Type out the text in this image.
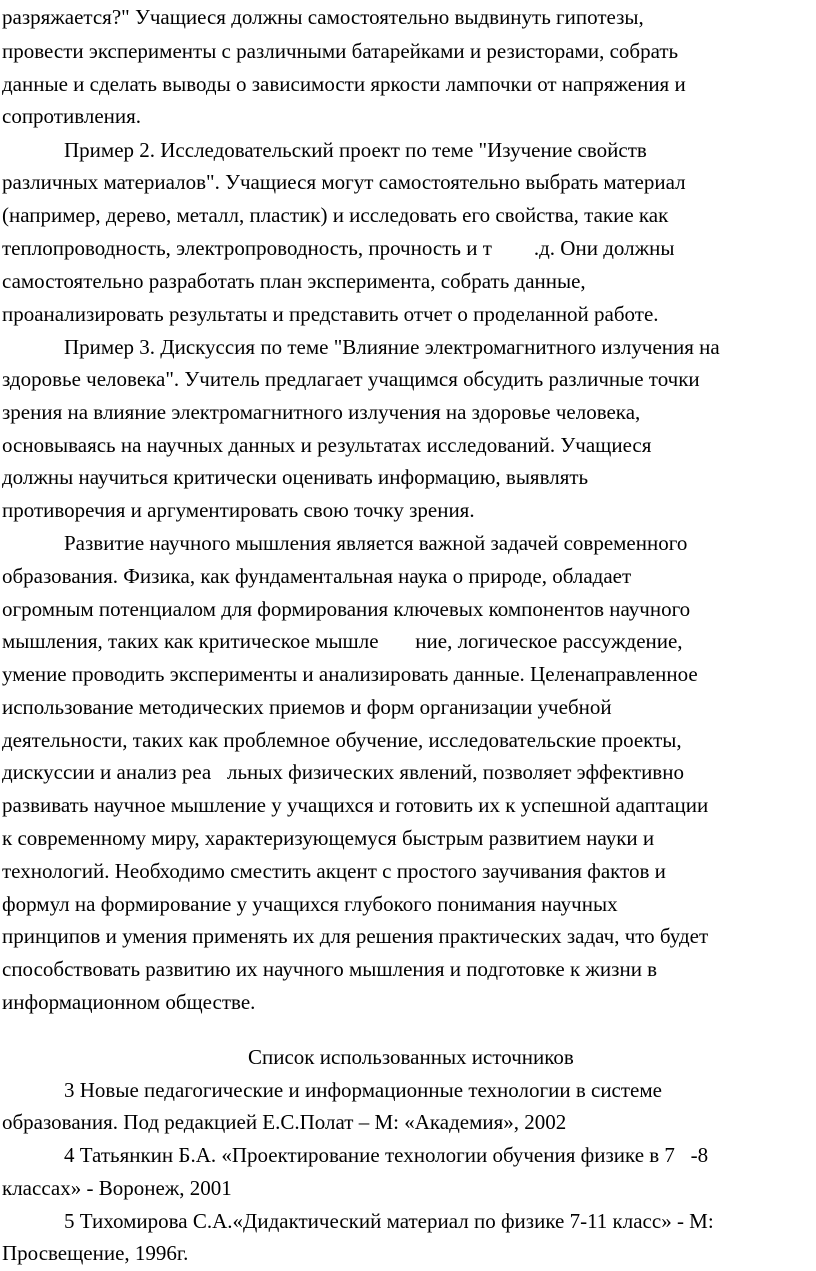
разряжается?" Учащиеся должны самостоятельно выдвинуть гипотезы,
провести эксперименты с различными батарейками и резисторами, собрать
данные и сделать выводы о зависимости яркости лампочки от напряжения и
сопротивления.
Пример 2. Исследовательский проект по теме "Изучение свойств
различных материалов". Учащиеся могут самостоятельно выбрать материал
(например, дерево, металл, пластик) и исследовать его свойства, такие как
теплопроводность, электропроводность, прочность и т        .д. Они должны
самостоятельно разработать план эксперимента, собрать данные,
проанализировать результаты и представить отчет о проделанной работе.
Пример 3. Дискуссия по теме "Влияние электромагнитного излучения на
здоровье человека". Учитель предлагает учащимся обсудить различные точки
зрения на влияние электромагнитного излучения на здоровье человека,
основываясь на научных данных и результатах исследований. Учащиеся
должны научиться критически оценивать информацию, выявлять
противоречия и аргументировать свою точку зрения.
Развитие научного мышления является важной задачей современного
образования. Физика, как фундаментальная наука о природе, обладает
огромным потенциалом для формирования ключевых компонентов научного
мышления, таких как критическое мышле       ние, логическое рассуждение,
умение проводить эксперименты и анализировать данные. Целенаправленное
использование методических приемов и форм организации учебной
деятельности, таких как проблемное обучение, исследовательские проекты,
дискуссии и анализ реа   льных физических явлений, позволяет эффективно
развивать научное мышление у учащихся и готовить их к успешной адаптации
к современному миру, характеризующемуся быстрым развитием науки и
технологий. Необходимо сместить акцент с простого заучивания фактов и
формул на формирование у учащихся глубокого понимания научных
принципов и умения применять их для решения практических задач, что будет
способствовать развитию их научного мышления и подготовке к жизни в
информационном обществе.
Список использованных источников
3 Новые педагогические и информационные технологии в системе
образования. Под редакцией Е.С.Полат – М: «Академия», 2002
4 Татьянкин Б.А. «Проектирование технологии обучения физике в 7   -8
классах» - Воронеж, 2001
5 Тихомирова С.А.«Дидактический материал по физике 7-11 класс» - М:
Просвещение, 1996г.
